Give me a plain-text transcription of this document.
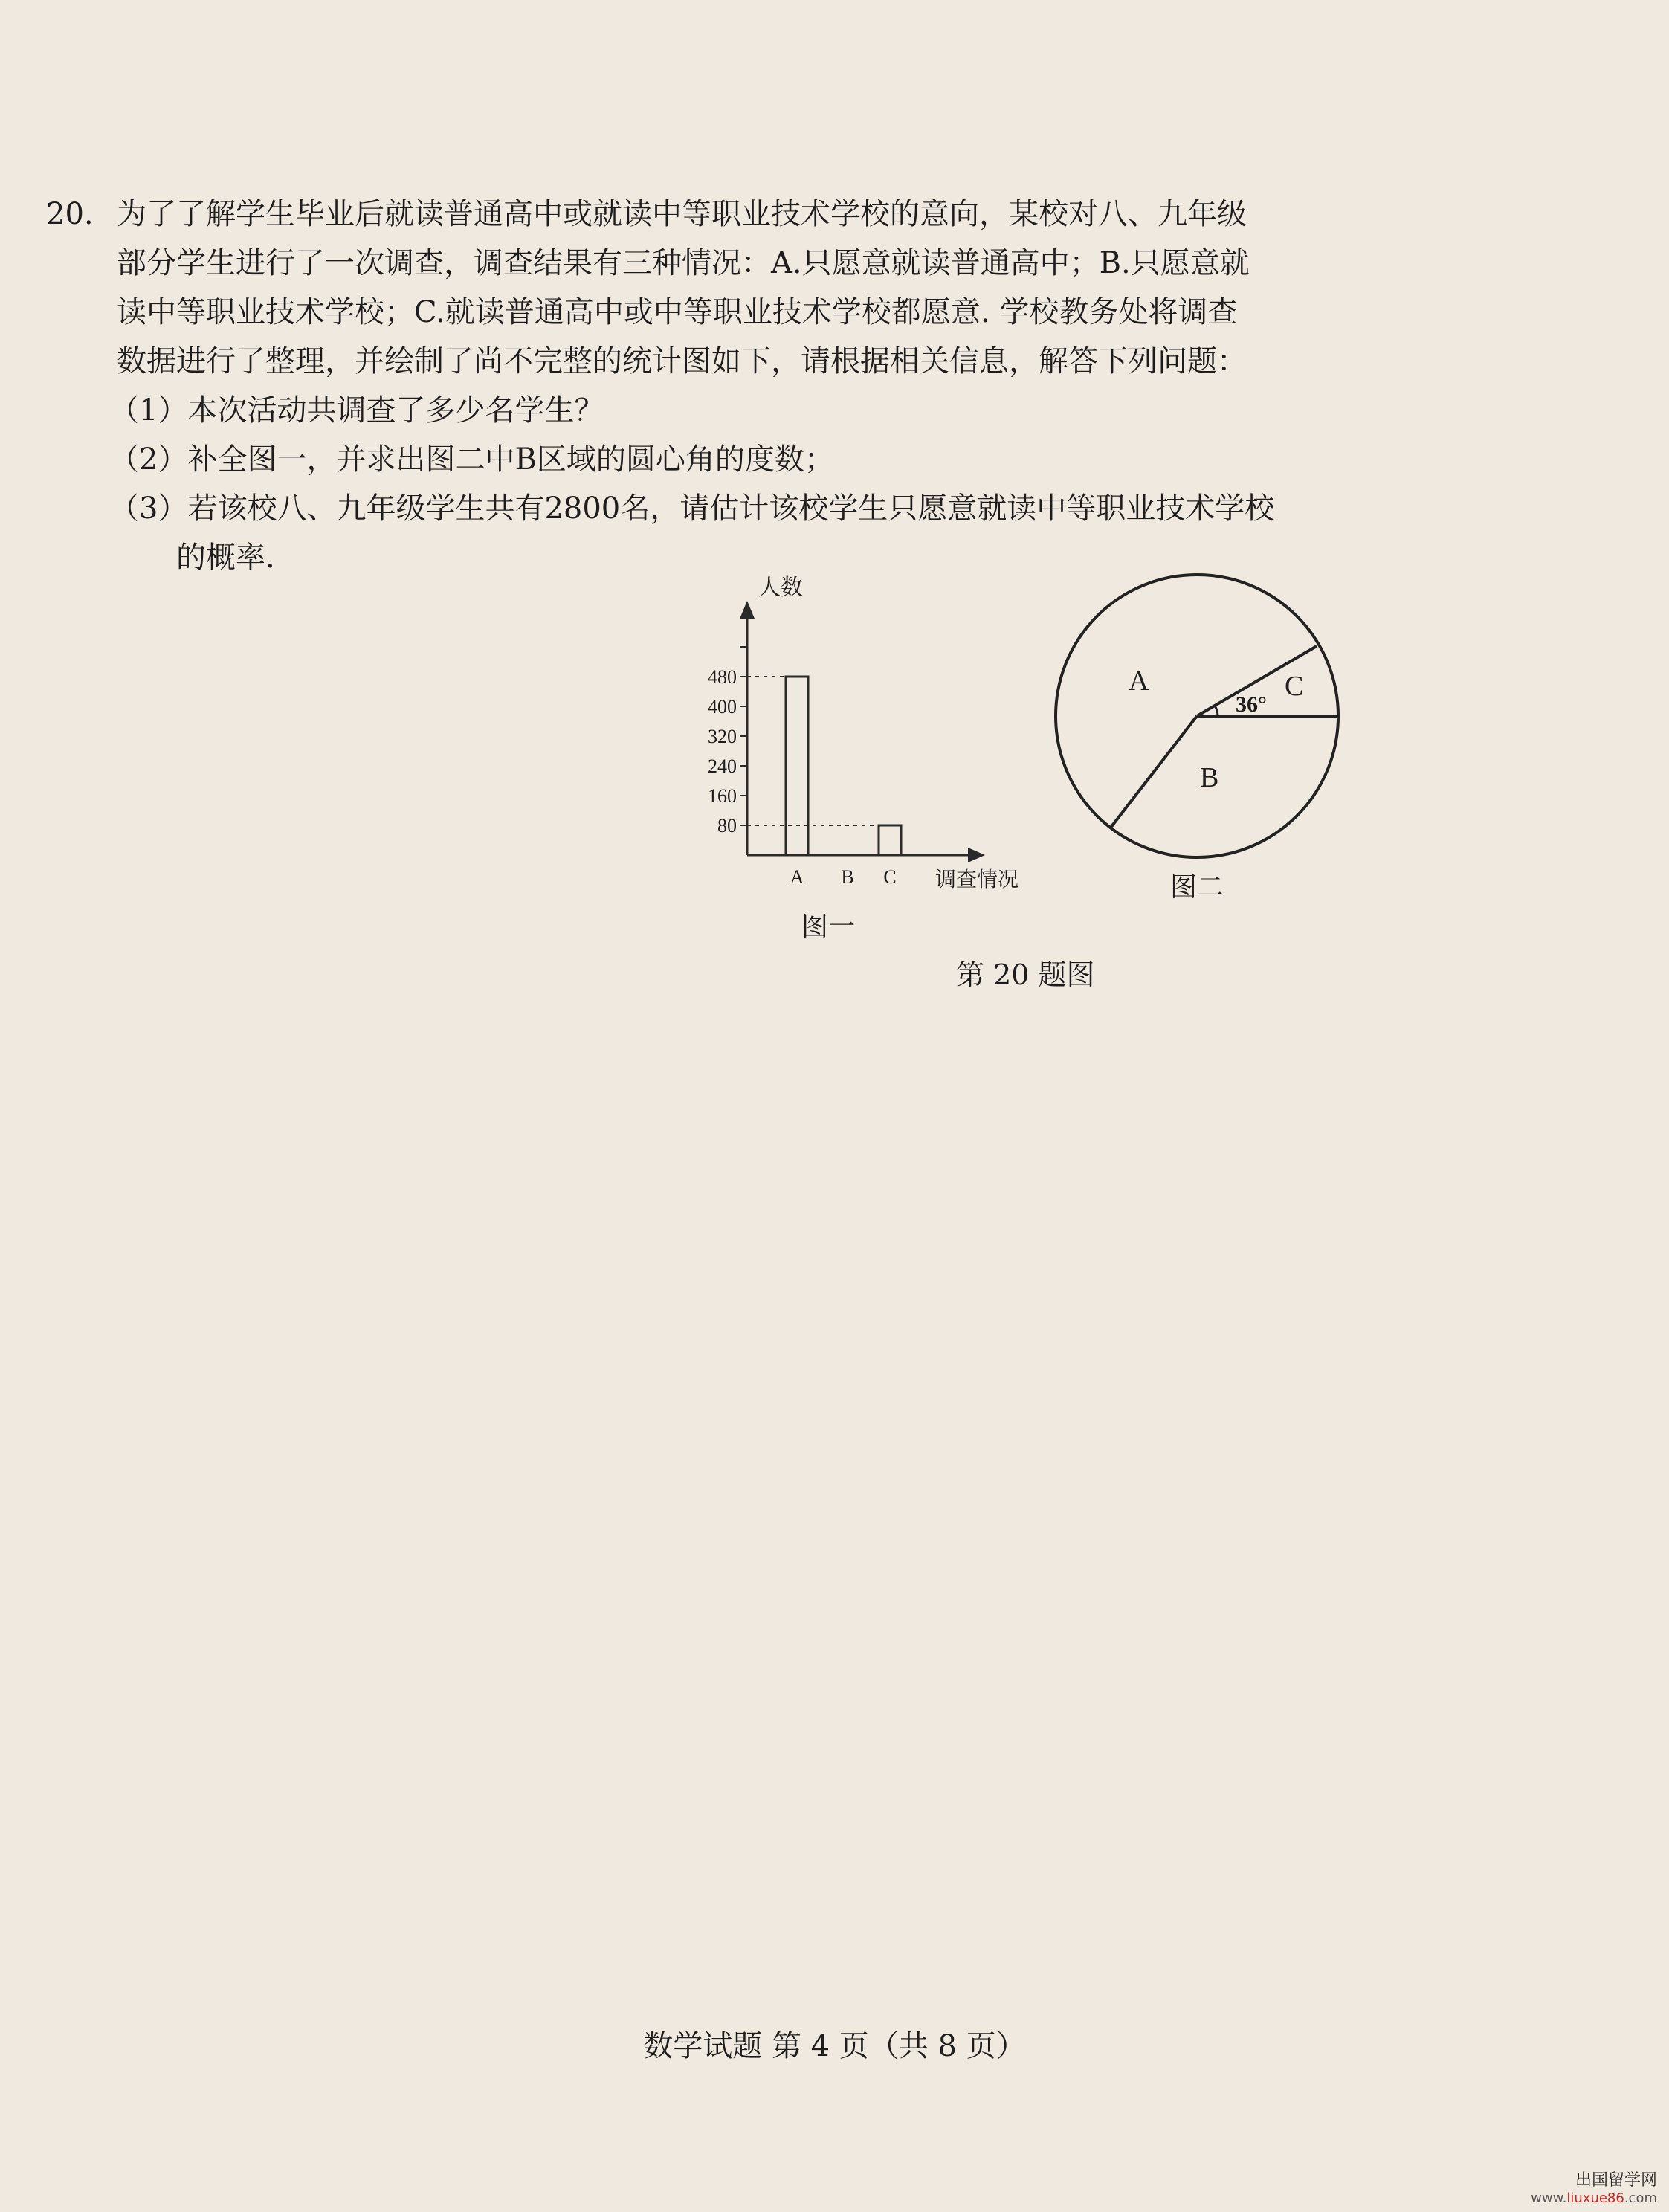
20. 为了了解学生毕业后就读普通高中或就读中等职业技术学校的意向，某校对八、九年级

部分学生进行了一次调查，调查结果有三种情况：A.只愿意就读普通高中；B.只愿意就

读中等职业技术学校；C.就读普通高中或中等职业技术学校都愿意. 学校教务处将调查

数据进行了整理，并绘制了尚不完整的统计图如下，请根据相关信息，解答下列问题：

（1）本次活动共调查了多少名学生？

（2）补全图一，并求出图二中B区域的圆心角的度数；

（3）若该校八、九年级学生共有2800名，请估计该校学生只愿意就读中等职业技术学校

的概率.

人数
调查情况
图一
80
160
240
320
400
480
A B C
A
B
C
36°
图二
第 20 题图
数学试题 第 4 页（共 8 页）
出国留学网
www.liuxue86.com
